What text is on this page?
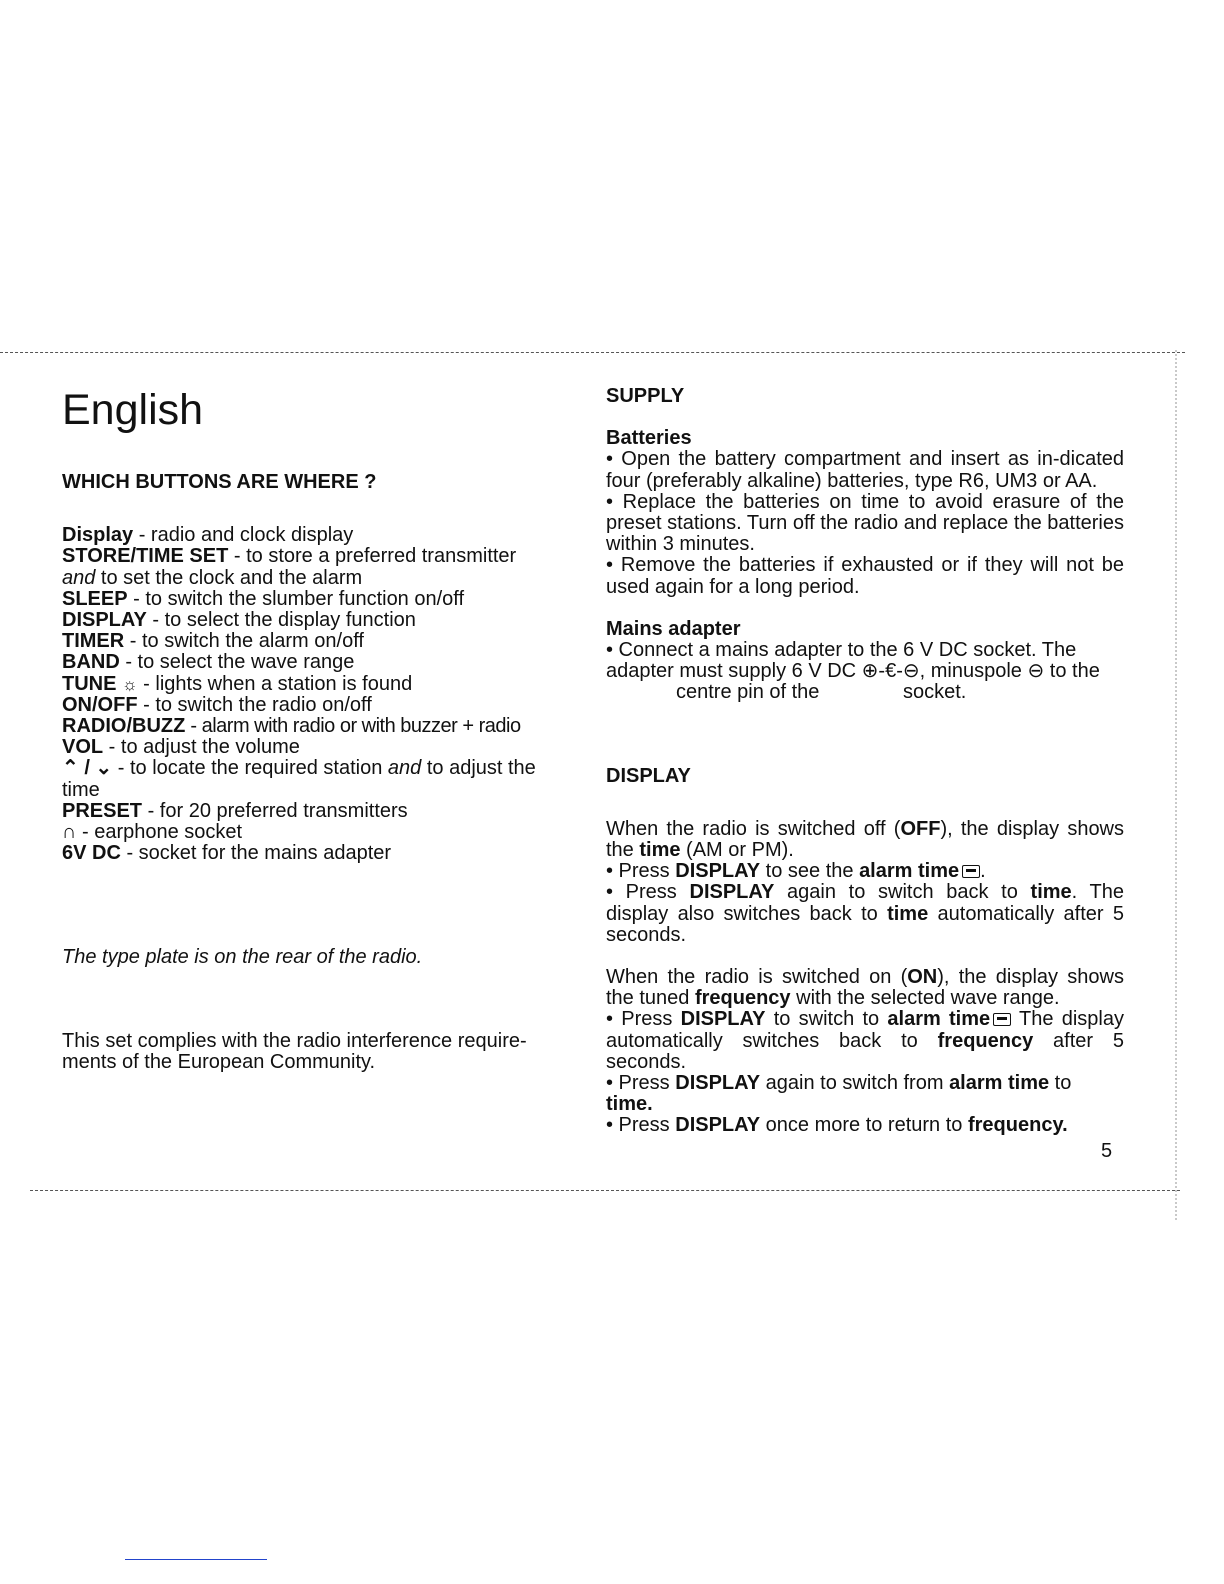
English
WHICH BUTTONS ARE WHERE ?
Display - radio and clock display
STORE/TIME SET - to store a preferred transmitter
and to set the clock and the alarm
SLEEP - to switch the slumber function on/off
DISPLAY - to select the display function
TIMER - to switch the alarm on/off
BAND - to select the wave range
TUNE ☼ - lights when a station is found
ON/OFF - to switch the radio on/off
RADIO/BUZZ - alarm with radio or with buzzer + radio
VOL - to adjust the volume
⌃ / ⌄ - to locate the required station and to adjust the
time
PRESET - for 20 preferred transmitters
∩ - earphone socket
6V DC - socket for the mains adapter
The type plate is on the rear of the radio.
This set complies with the radio interference require-ments of the European Community.
SUPPLY
Batteries
• Open the battery compartment and insert as in-dicated four (preferably alkaline) batteries, type R6, UM3 or AA.
• Replace the batteries on time to avoid erasure of the preset stations. Turn off the radio and replace the batteries within 3 minutes.
• Remove the batteries if exhausted or if they will not be used again for a long period.
Mains adapter
• Connect a mains adapter to the 6 V DC socket. The adapter must supply 6 V DC ⊕-€-⊖, minuspole ⊖ to the centre pin of the	socket.
DISPLAY
When the radio is switched off (OFF), the display shows the time (AM or PM).
• Press DISPLAY to see the alarm time .
• Press DISPLAY again to switch back to time. The display also switches back to time automatically after 5 seconds.
When the radio is switched on (ON), the display shows the tuned frequency with the selected wave range.
• Press DISPLAY to switch to alarm time The display automatically switches back to frequency after 5 seconds.
• Press DISPLAY again to switch from alarm time to
time.
• Press DISPLAY once more to return to frequency.
5
